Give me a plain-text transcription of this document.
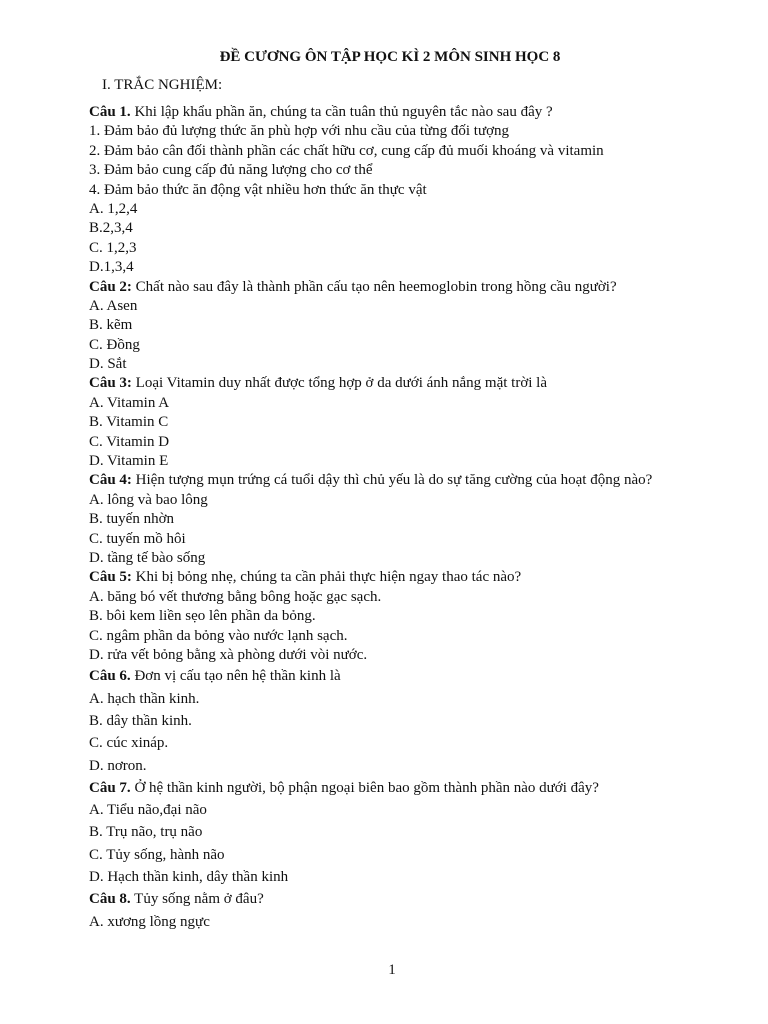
ĐỀ CƯƠNG ÔN TẬP HỌC KÌ 2 MÔN SINH HỌC 8
I. TRẮC NGHIỆM:
Câu 1. Khi lập khẩu phần ăn, chúng ta cần tuân thủ nguyên tắc nào sau đây ?
1. Đảm bảo đủ lượng thức ăn phù hợp với nhu cầu của từng đối tượng
2. Đảm bảo cân đối thành phần các chất hữu cơ, cung cấp đủ muối khoáng và vitamin
3. Đảm bảo cung cấp đủ năng lượng cho cơ thể
4. Đảm bảo thức ăn động vật nhiều hơn thức ăn thực vật
A. 1,2,4
B.2,3,4
C. 1,2,3
D.1,3,4
Câu 2: Chất nào sau đây là thành phần cấu tạo nên heemoglobin trong hồng cầu người?
A. Asen
B. kẽm
C. Đồng
D. Sắt
Câu 3: Loại Vitamin duy nhất được tổng hợp ở da dưới ánh nắng mặt trời là
A. Vitamin A
B. Vitamin C
C. Vitamin D
D. Vitamin E
Câu 4: Hiện tượng mụn trứng cá tuổi dậy thì chủ yếu là do sự tăng cường của hoạt động nào?
A. lông và bao lông
B. tuyến nhờn
C. tuyến mồ hôi
D. tầng tế bào sống
Câu 5: Khi bị bỏng nhẹ, chúng ta cần phải thực hiện ngay thao tác nào?
A. băng bó vết thương bằng bông hoặc gạc sạch.
B. bôi kem liền sẹo lên phần da bỏng.
C. ngâm phần da bỏng vào nước lạnh sạch.
D. rửa vết bỏng bằng xà phòng dưới vòi nước.
Câu 6. Đơn vị cấu tạo nên hệ thần kinh là
A. hạch thần kinh.
B. dây thần kinh.
C. cúc xináp.
D. nơron.
Câu 7. Ở hệ thần kinh người, bộ phận ngoại biên bao gồm thành phần nào dưới đây?
A. Tiểu não,đại não
B. Trụ não, trụ não
C. Tủy sống, hành não
D. Hạch thần kinh, dây thần kinh
Câu 8. Tủy sống nằm ở đâu?
A. xương lồng ngực
1
